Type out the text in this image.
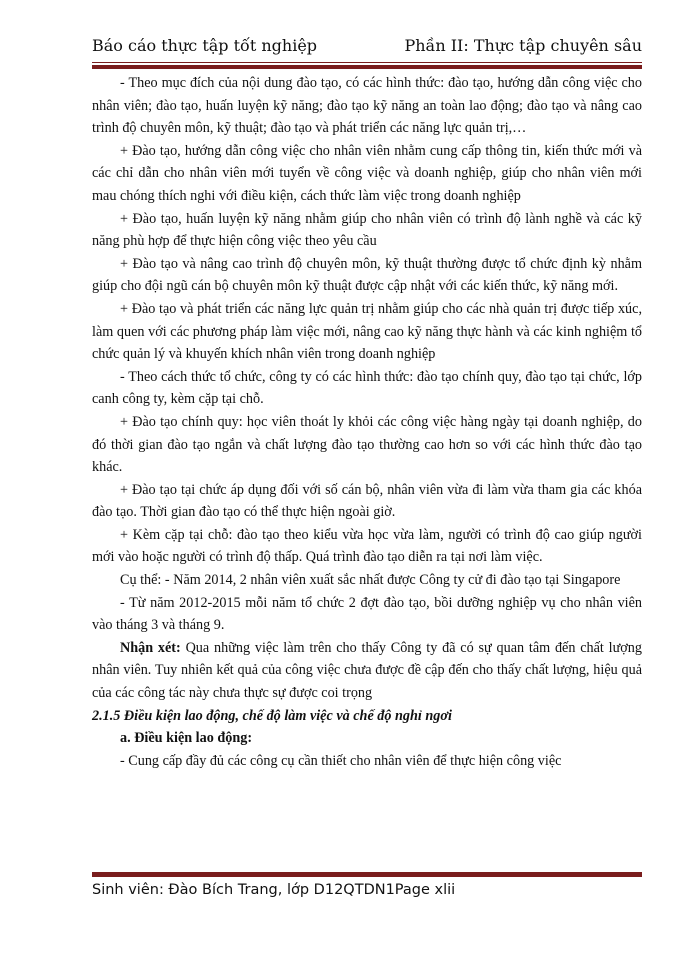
Báo cáo thực tập tốt nghiệp	Phần II: Thực tập chuyên sâu

- Theo mục đích của nội dung đào tạo, có các hình thức: đào tạo, hướng dẫn công việc cho nhân viên; đào tạo, huấn luyện kỹ năng; đào tạo kỹ năng an toàn lao động; đào tạo và nâng cao trình độ chuyên môn, kỹ thuật; đào tạo và phát triển các năng lực quản trị,…

+ Đào tạo, hướng dẫn công việc cho nhân viên nhằm cung cấp thông tin, kiến thức mới và các chỉ dẫn cho nhân viên mới tuyển về công việc và doanh nghiệp, giúp cho nhân viên mới mau chóng thích nghi với điều kiện, cách thức làm việc trong doanh nghiệp

+ Đào tạo, huấn luyện kỹ năng nhằm giúp cho nhân viên có trình độ lành nghề và các kỹ năng phù hợp để thực hiện công việc theo yêu cầu

+ Đào tạo và nâng cao trình độ chuyên môn, kỹ thuật thường được tổ chức định kỳ nhằm giúp cho đội ngũ cán bộ chuyên môn kỹ thuật được cập nhật với các kiến thức, kỹ năng mới.

+ Đào tạo và phát triển các năng lực quản trị nhằm giúp cho các nhà quản trị được tiếp xúc, làm quen với các phương pháp làm việc mới, nâng cao kỹ năng thực hành và các kinh nghiệm tổ chức quản lý và khuyến khích nhân viên trong doanh nghiệp

- Theo cách thức tổ chức, công ty có các hình thức: đào tạo chính quy, đào tạo tại chức, lớp canh công ty, kèm cặp tại chỗ.

+ Đào tạo chính quy: học viên thoát ly khỏi các công việc hàng ngày tại doanh nghiệp, do đó thời gian đào tạo ngắn và chất lượng đào tạo thường cao hơn so với các hình thức đào tạo khác.

+ Đào tạo tại chức áp dụng đối với số cán bộ, nhân viên vừa đi làm vừa tham gia các khóa đào tạo. Thời gian đào tạo có thể thực hiện ngoài giờ.

+ Kèm cặp tại chỗ: đào tạo theo kiểu vừa học vừa làm, người có trình độ cao giúp người mới vào hoặc người có trình độ thấp. Quá trình đào tạo diễn ra tại nơi làm việc.

Cụ thể: - Năm 2014, 2 nhân viên xuất sắc nhất được Công ty cử đi đào tạo tại Singapore

- Từ năm 2012-2015 mỗi năm tổ chức 2 đợt đào tạo, bồi dưỡng nghiệp vụ cho nhân viên vào tháng 3 và tháng 9.

Nhận xét: Qua những việc làm trên cho thấy Công ty đã có sự quan tâm đến chất lượng nhân viên. Tuy nhiên kết quả của công việc chưa được đề cập đến cho thấy chất lượng, hiệu quả của các công tác này chưa thực sự được coi trọng

2.1.5 Điều kiện lao động, chế độ làm việc và chế độ nghỉ ngơi

a. Điều kiện lao động:

- Cung cấp đầy đủ các công cụ cần thiết cho nhân viên để thực hiện công việc

Sinh viên: Đào Bích Trang, lớp D12QTDN1Page xlii
